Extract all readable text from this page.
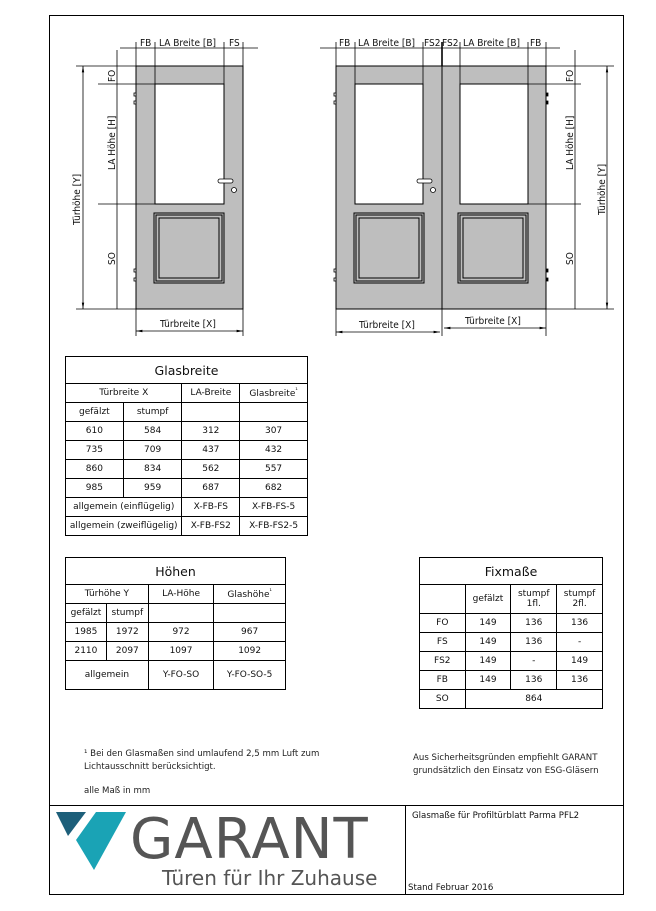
FB LA Breite [B] FS
FO
LA Höhe [H]
SO
Türhöhe [Y]
Türbreite [X]
FB LA Breite [B] FS2 FS2 LA Breite [B] FB
FO
LA Höhe [H]
SO
Türhöhe [Y]
Türbreite [X]	Türbreite [X]
Glasbreite			
Türbreite X		LA-Breite	Glasbreite$^{^1}$
gefälzt	stumpf		
610	584	312	307
735	709	437	432
860	834	562	557
985	959	687	682
allgemein (einflügelig)		X-FB-FS	X-FB-FS-5
allgemein (zweiflügelig)		X-FB-FS2	X-FB-FS2-5
Höhen			
Türhöhe Y		LA-Höhe	Glashöhe$^{^1}$
gefälzt	stumpf		
1985	1972	972	967
2110	2097	1097	1092
allgemein		Y-FO-SO	Y-FO-SO-5
Fixmaße			
	gefälzt	stumpf 1fl.	stumpf 2fl.
FO	149	136	136
FS	149	136	-
FS2	149	-	149
FB	149	136	136
SO	864		
¹ Bei den Glasmaßen sind umlaufend 2,5 mm Luft zum
Lichtausschnitt berücksichtigt.
alle Maß in mm
Aus Sicherheitsgründen empfiehlt GARANT
grundsätzlich den Einsatz von ESG-Gläsern
GARANT
Türen für Ihr Zuhause
Glasmaße für Profiltürblatt Parma PFL2
Stand Februar 2016
